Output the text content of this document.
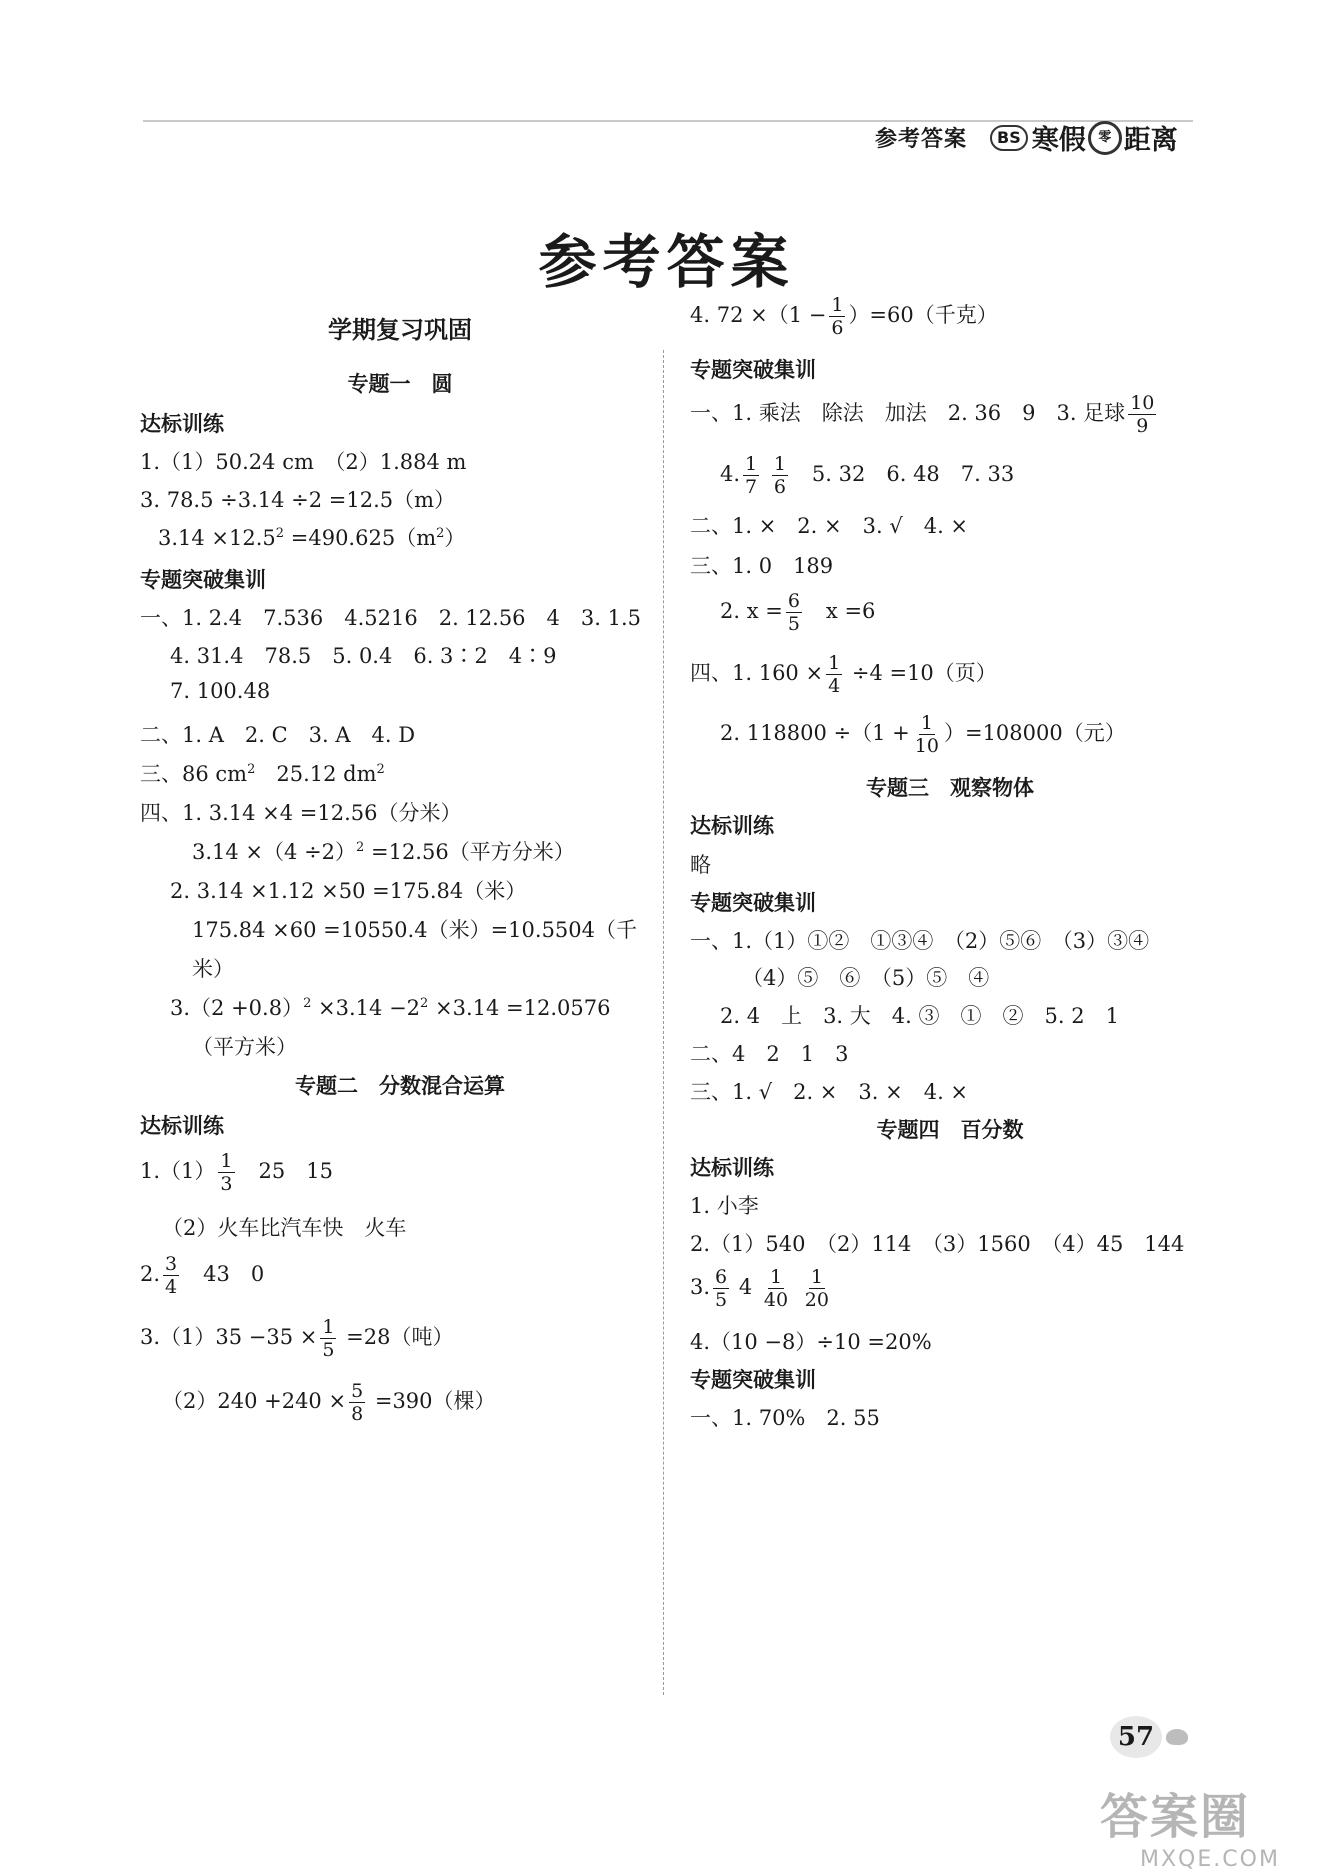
参考答案	BS 寒假 零 距离
参考答案
学期复习巩固
专题一　圆
达标训练
1.（1）50.24 cm　（2）1.884 m
3. 78.5 ÷3.14 ÷2 =12.5（m）
$3.14 \times 12.5^2 =490.625(m^2)$
专题突破集训
一、1. 2.4　7.536　4.5216　2. 12.56　4　3. 1.5
4. 31.4　78.5　5. 0.4　6. 3∶2　4∶9
7. 100.48
二、1. A　2. C　3. A　4. D
三、86 $cm^2$　25.12 $dm^2$
四、1. 3.14 ×4 =12.56（分米）
$3.14 \times(4 \div 2)^2 =12.56$（平方分米）
2. 3.14 ×1.12 ×50 =175.84（米）
175.84 ×60 =10550.4（米）=10.5504（千
米）
$3.(2 +0.8)^2 \times 3.14 -2^2 \times 3.14 =12.0576$
（平方米）
专题二　分数混合运算
达标训练
$1.(1) \frac{1}{3}$ 　25　15
（2）火车比汽车快　火车
2. $\frac{3}{4}$ 　43　0
$3.(1)35 -35 \times \frac{1}{5} =28$（吨）
$(2)240 +240 \times \frac{5}{8} =390$（棵）
4. $72 \times(1 - \frac{1}{6} )=60$（千克）
专题突破集训
一、1. 乘法　除法　加法　2. 36　9　3. 足球 $\frac{10}{9}$
4. $\frac{1}{7}$
$\frac{1}{6}$ 　5. 32　6. 48　7. 33
二、1. ×　2. ×　3. √　4. ×
三、1. 0　189
2. $x = \frac{6}{5}$ 　x =6
四、1. $160 \times \frac{1}{4} \div 4 =10$（页）
2. $118800 \div(1 + \frac{1}{10} )=108000$（元）
专题三　观察物体
达标训练
略
专题突破集训
一、1.（1）①②　①③④　（2）⑤⑥　（3）③④
（4）⑤　⑥　（5）⑤　④
2. 4　上　3. 大　4. ③　①　②　5. 2　1
二、4　2　1　3
三、1. √　2. ×　3. ×　4. ×
专题四　百分数
达标训练
1. 小李
2.（1）540　（2）114　（3）1560　（4）45　144
3. $\frac{6}{5} 4 \frac{1}{40}$
$\frac{1}{20}$
4.（10 −8）÷10 =20%
专题突破集训
一、1. 70%　2. 55
57
答案圈
MXQE.COM
